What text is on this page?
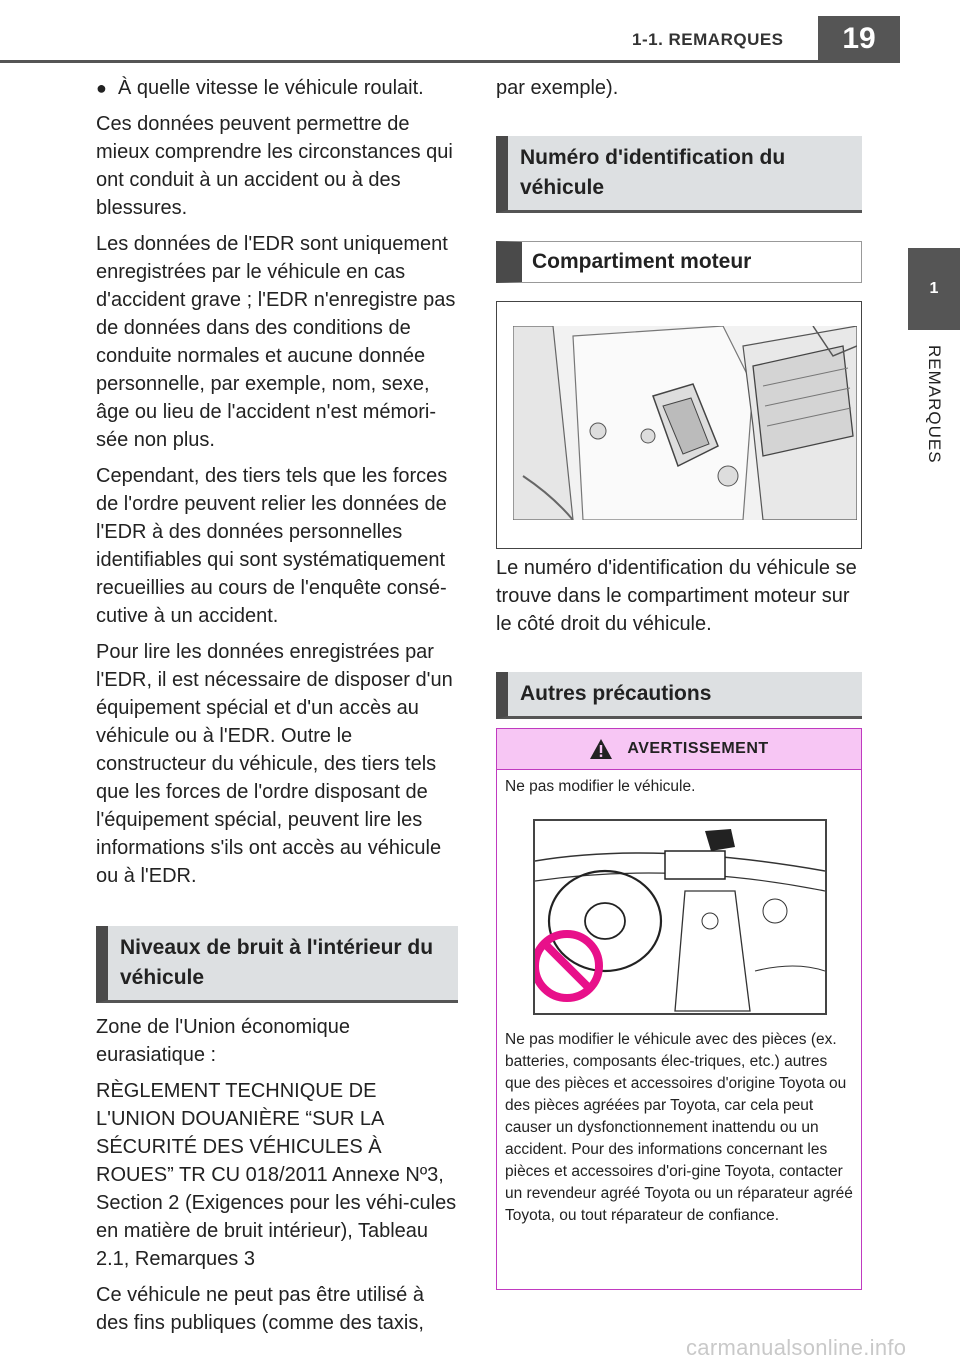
1-1. REMARQUES	19
1
REMARQUES
● À quelle vitesse le véhicule roulait.

Ces données peuvent permettre de mieux comprendre les circonstances qui ont conduit à un accident ou à des blessures.

Les données de l'EDR sont uniquement enregistrées par le véhicule en cas d'accident grave ; l'EDR n'enregistre pas de données dans des conditions de conduite normales et aucune donnée personnelle, par exemple, nom, sexe, âge ou lieu de l'accident n'est mémori-sée non plus.

Cependant, des tiers tels que les forces de l'ordre peuvent relier les données de l'EDR à des données personnelles identifiables qui sont systématiquement recueillies au cours de l'enquête consé-cutive à un accident.

Pour lire les données enregistrées par l'EDR, il est nécessaire de disposer d'un équipement spécial et d'un accès au véhicule ou à l'EDR. Outre le constructeur du véhicule, des tiers tels que les forces de l'ordre disposant de l'équipement spécial, peuvent lire les informations s'ils ont accès au véhicule ou à l'EDR.

Niveaux de bruit à l'intérieur du véhicule

Zone de l'Union économique eurasiatique :

RÈGLEMENT TECHNIQUE DE L'UNION DOUANIÈRE “SUR LA SÉCURITÉ DES VÉHICULES À ROUES” TR CU 018/2011 Annexe Nº3, Section 2 (Exigences pour les véhi-cules en matière de bruit intérieur), Tableau 2.1, Remarques 3

Ce véhicule ne peut pas être utilisé à des fins publiques (comme des taxis,

par exemple).

Numéro d'identification du véhicule
Compartiment moteur

Le numéro d'identification du véhicule se trouve dans le compartiment moteur sur le côté droit du véhicule.

Autres précautions
AVERTISSEMENT
Ne pas modifier le véhicule.
Ne pas modifier le véhicule avec des pièces (ex. batteries, composants élec-triques, etc.) autres que des pièces et accessoires d'origine Toyota ou des pièces agréées par Toyota, car cela peut causer un dysfonctionnement inattendu ou un accident. Pour des informations concernant les pièces et accessoires d'ori-gine Toyota, contacter un revendeur agréé Toyota ou un réparateur agréé Toyota, ou tout réparateur de confiance.
carmanualsonline.info
